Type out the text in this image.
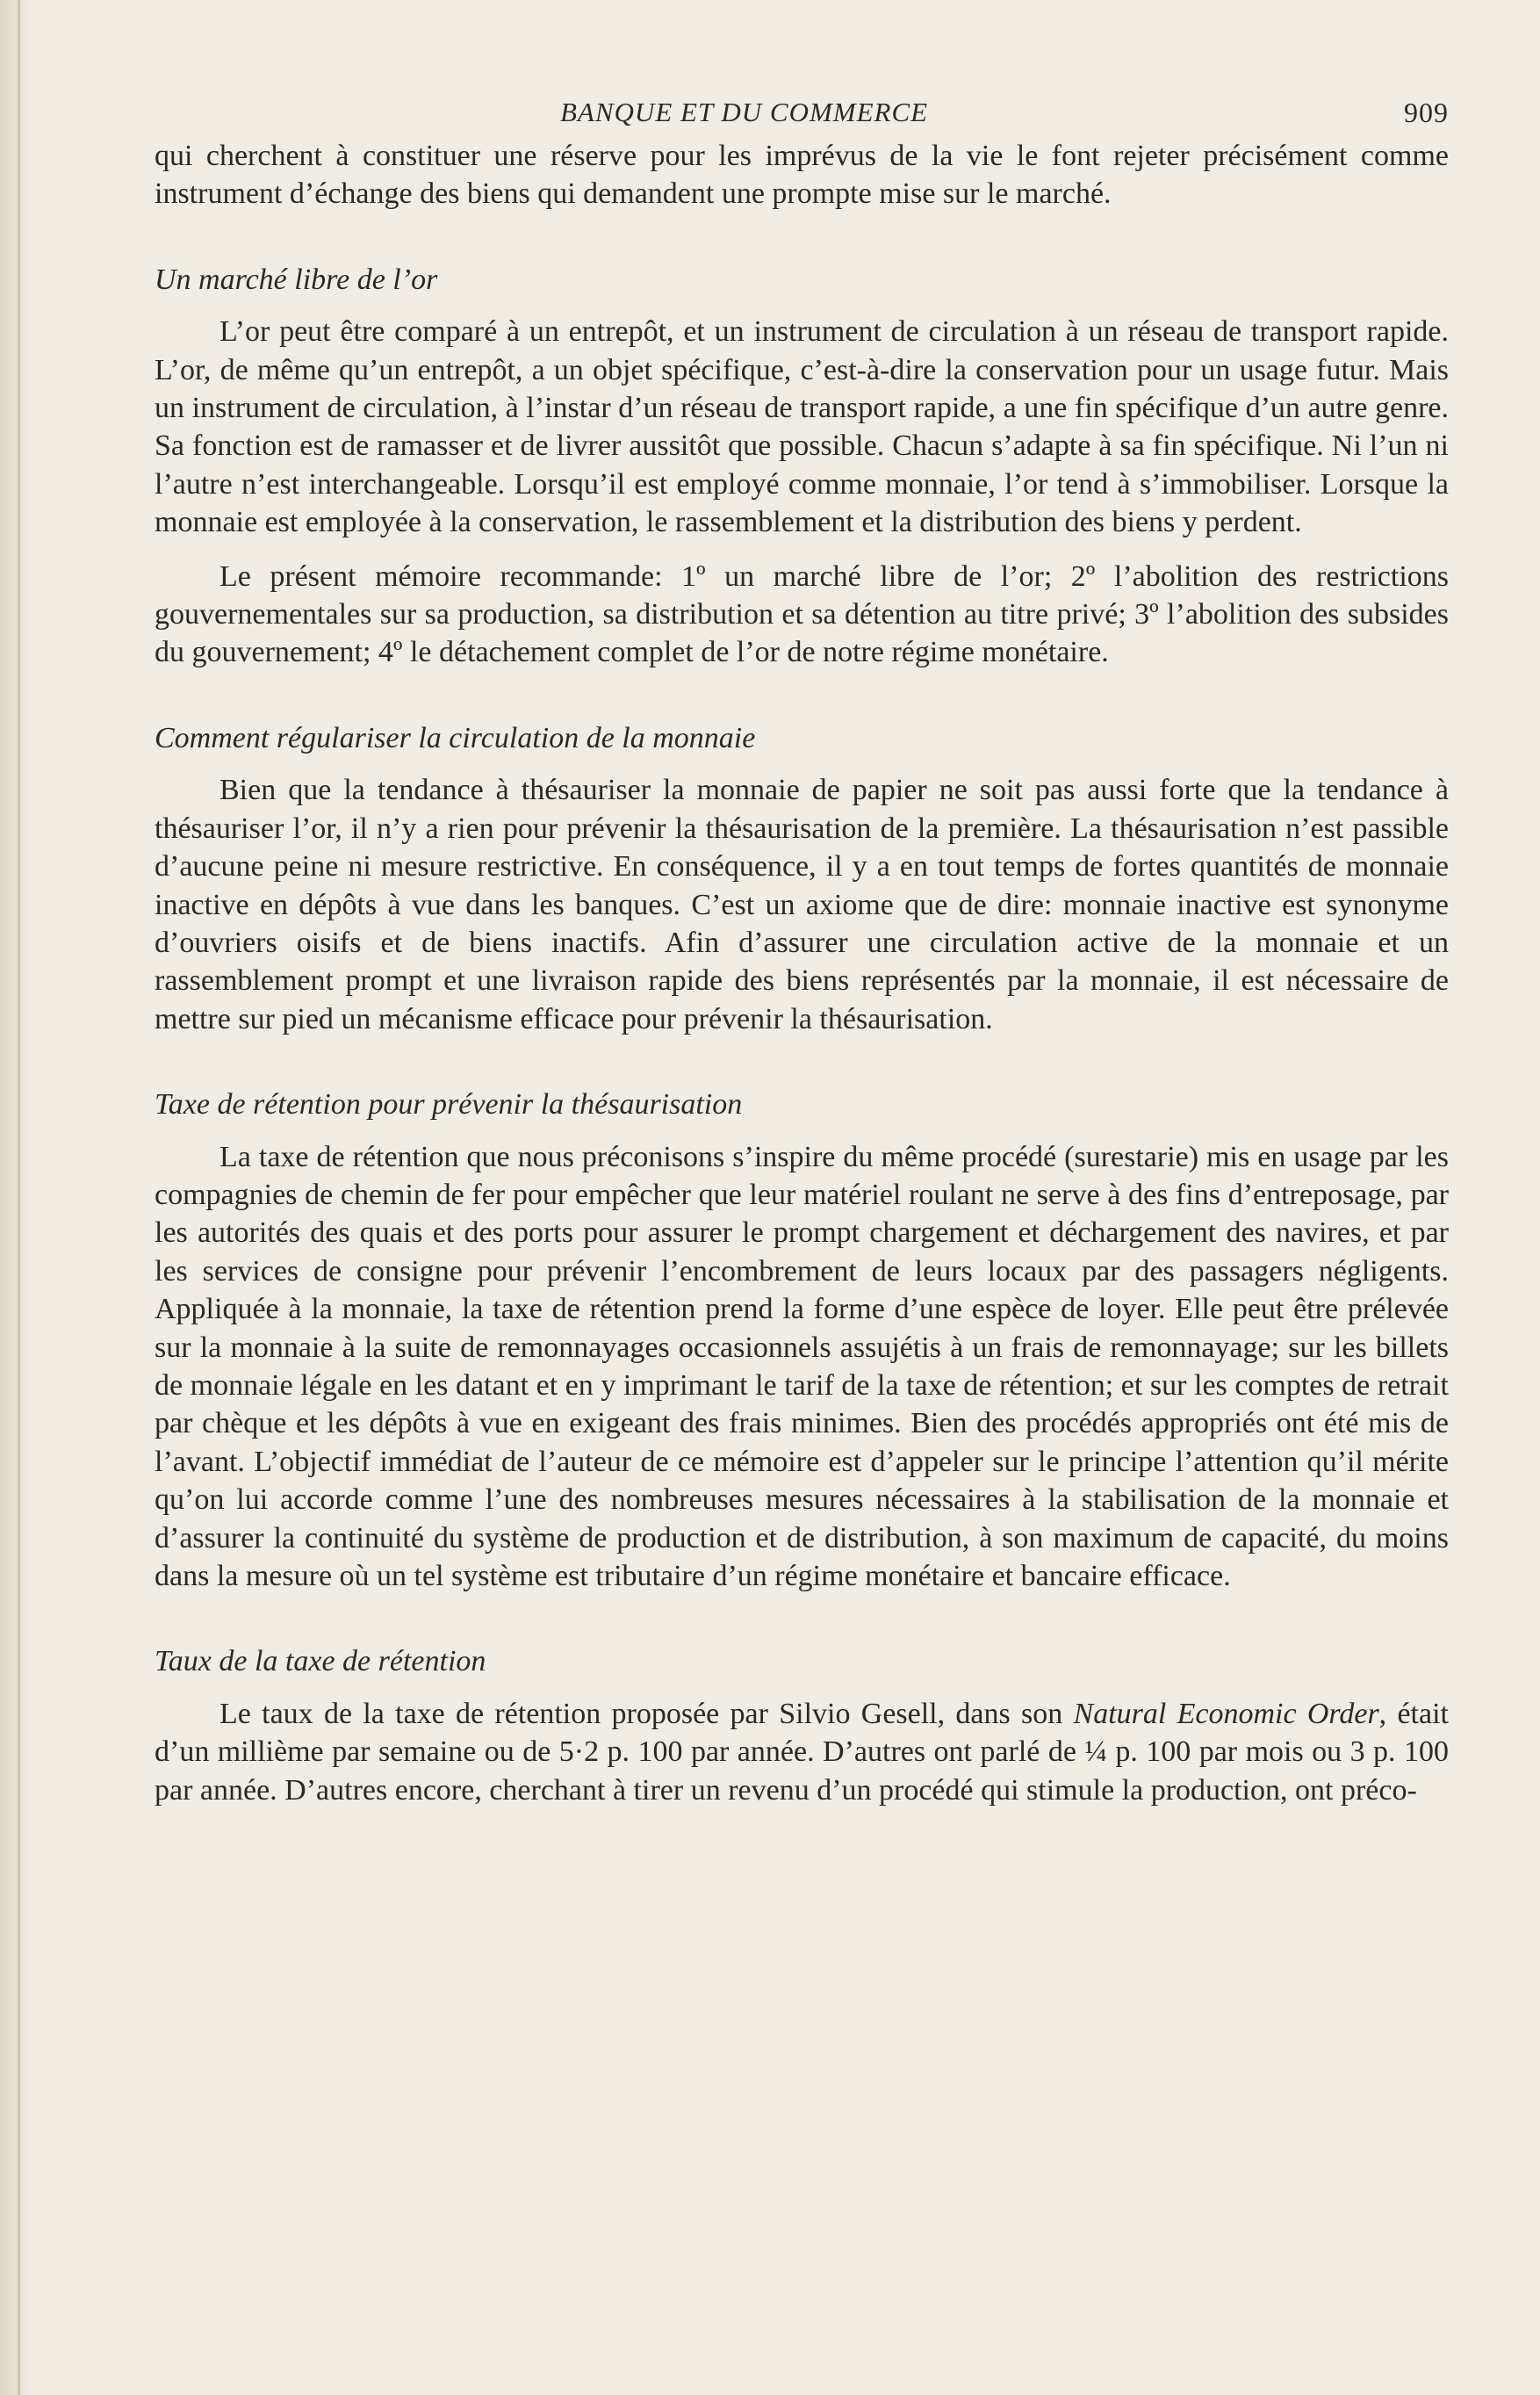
BANQUE ET DU COMMERCE	909

qui cherchent à constituer une réserve pour les imprévus de la vie le font rejeter précisément comme instrument d’échange des biens qui demandent une prompte mise sur le marché.

Un marché libre de l’or

L’or peut être comparé à un entrepôt, et un instrument de circulation à un réseau de transport rapide. L’or, de même qu’un entrepôt, a un objet spécifique, c’est-à-dire la conservation pour un usage futur. Mais un instrument de circulation, à l’instar d’un réseau de transport rapide, a une fin spécifique d’un autre genre. Sa fonction est de ramasser et de livrer aussitôt que possible. Chacun s’adapte à sa fin spécifique. Ni l’un ni l’autre n’est interchangeable. Lorsqu’il est employé comme monnaie, l’or tend à s’immobiliser. Lorsque la monnaie est employée à la conservation, le rassemblement et la distribution des biens y perdent.

Le présent mémoire recommande: 1º un marché libre de l’or; 2º l’abolition des restrictions gouvernementales sur sa production, sa distribution et sa détention au titre privé; 3º l’abolition des subsides du gouvernement; 4º le détachement complet de l’or de notre régime monétaire.

Comment régulariser la circulation de la monnaie

Bien que la tendance à thésauriser la monnaie de papier ne soit pas aussi forte que la tendance à thésauriser l’or, il n’y a rien pour prévenir la thésaurisation de la première. La thésaurisation n’est passible d’aucune peine ni mesure restrictive. En conséquence, il y a en tout temps de fortes quantités de monnaie inactive en dépôts à vue dans les banques. C’est un axiome que de dire: monnaie inactive est synonyme d’ouvriers oisifs et de biens inactifs. Afin d’assurer une circulation active de la monnaie et un rassemblement prompt et une livraison rapide des biens représentés par la monnaie, il est nécessaire de mettre sur pied un mécanisme efficace pour prévenir la thésaurisation.

Taxe de rétention pour prévenir la thésaurisation

La taxe de rétention que nous préconisons s’inspire du même procédé (surestarie) mis en usage par les compagnies de chemin de fer pour empêcher que leur matériel roulant ne serve à des fins d’entreposage, par les autorités des quais et des ports pour assurer le prompt chargement et déchargement des navires, et par les services de consigne pour prévenir l’encombrement de leurs locaux par des passagers négligents. Appliquée à la monnaie, la taxe de rétention prend la forme d’une espèce de loyer. Elle peut être prélevée sur la monnaie à la suite de remonnayages occasionnels assujétis à un frais de remonnayage; sur les billets de monnaie légale en les datant et en y imprimant le tarif de la taxe de rétention; et sur les comptes de retrait par chèque et les dépôts à vue en exigeant des frais minimes. Bien des procédés appropriés ont été mis de l’avant. L’objectif immédiat de l’auteur de ce mémoire est d’appeler sur le principe l’attention qu’il mérite qu’on lui accorde comme l’une des nombreuses mesures nécessaires à la stabilisation de la monnaie et d’assurer la continuité du système de production et de distribution, à son maximum de capacité, du moins dans la mesure où un tel système est tributaire d’un régime monétaire et bancaire efficace.

Taux de la taxe de rétention

Le taux de la taxe de rétention proposée par Silvio Gesell, dans son Natural Economic Order, était d’un millième par semaine ou de 5·2 p. 100 par année. D’autres ont parlé de ¼ p. 100 par mois ou 3 p. 100 par année. D’autres encore, cherchant à tirer un revenu d’un procédé qui stimule la production, ont préco-
